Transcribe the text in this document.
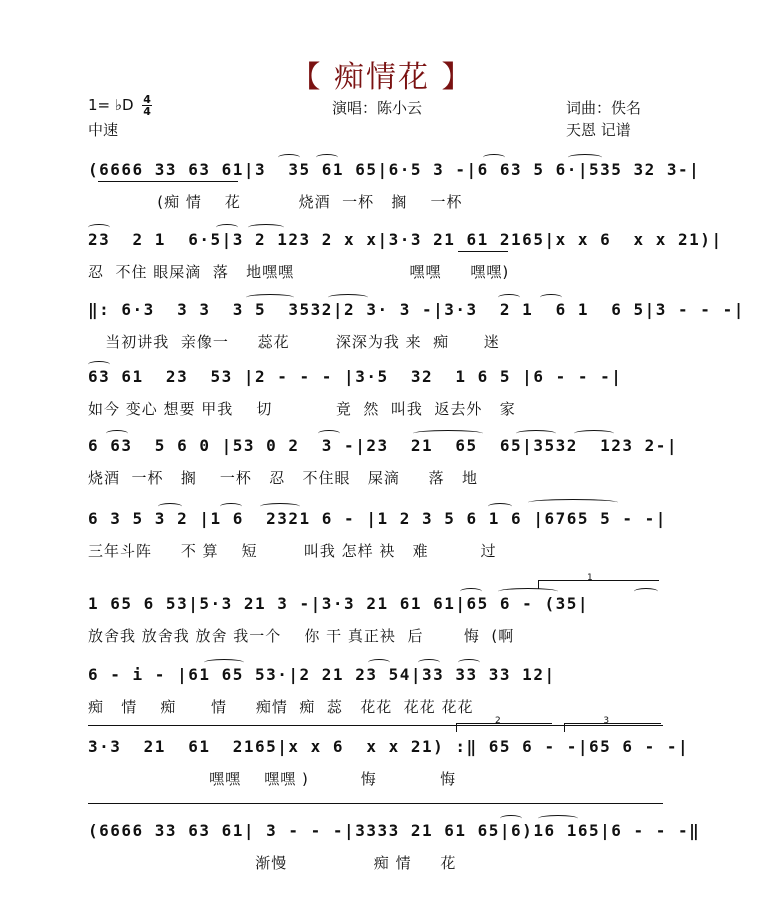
【 痴情花 】
1= ♭D $\frac{4}{4}$	演唱：陈小云	词曲：佚名
中速	天恩 记谱
(6666 33 63 61|3  35 61 65|6·5 3 -|6 63 5 6·|535 32 3-|
(痴 情    花          烧酒  一杯   搁    一杯
23  2 1  6·5|3 2 123 2 x x|3·3 21 61 2165|x x 6  x x 21)|
忍  不住 眼屎滴  落   地嘿嘿                    嘿嘿     嘿嘿)
‖: 6·3  3 3  3 5  3532|2 3· 3 -|3·3  2 1  6 1  6 5|3 - - -|
当初讲我  亲像一     蕊花        深深为我 来  痴      迷
63 61  23  53 |2 - - - |3·5  32  1 6 5 |6 - - -|
如今 变心 想要 甲我    切           竟  然  叫我  返去外   家
6 63  5 6 0 |53 0 2  3 -|23  21  65  65|3532  123 2-|
烧酒  一杯   搁    一杯   忍   不住眼   屎滴     落   地
6 3 5 3 2 |1 6  2321 6 - |1 2 3 5 6 1 6 |6765 5 - -|
三年斗阵     不 算    短        叫我 怎样 袂   难         过
1 65 6 53|5·3 21 3 -|3·3 21 61 61|65 6 - (35|
放舍我 放舍我 放舍 我一个    你 干 真正袂  后       悔  (啊
1
6 - i - |61 65 53·|2 21 23 54|33 33 33 12|
痴   情    痴      情     痴情  痴  蕊   花花  花花 花花
3·3  21  61  2165|x x 6  x x 21) :‖ 65 6 - -|65 6 - -|
嘿嘿    嘿嘿 )         悔           悔
2	3
(6666 33 63 61| 3 - - -|3333 21 61 65|6)16 165|6 - - -‖
渐慢               痴 情     花
